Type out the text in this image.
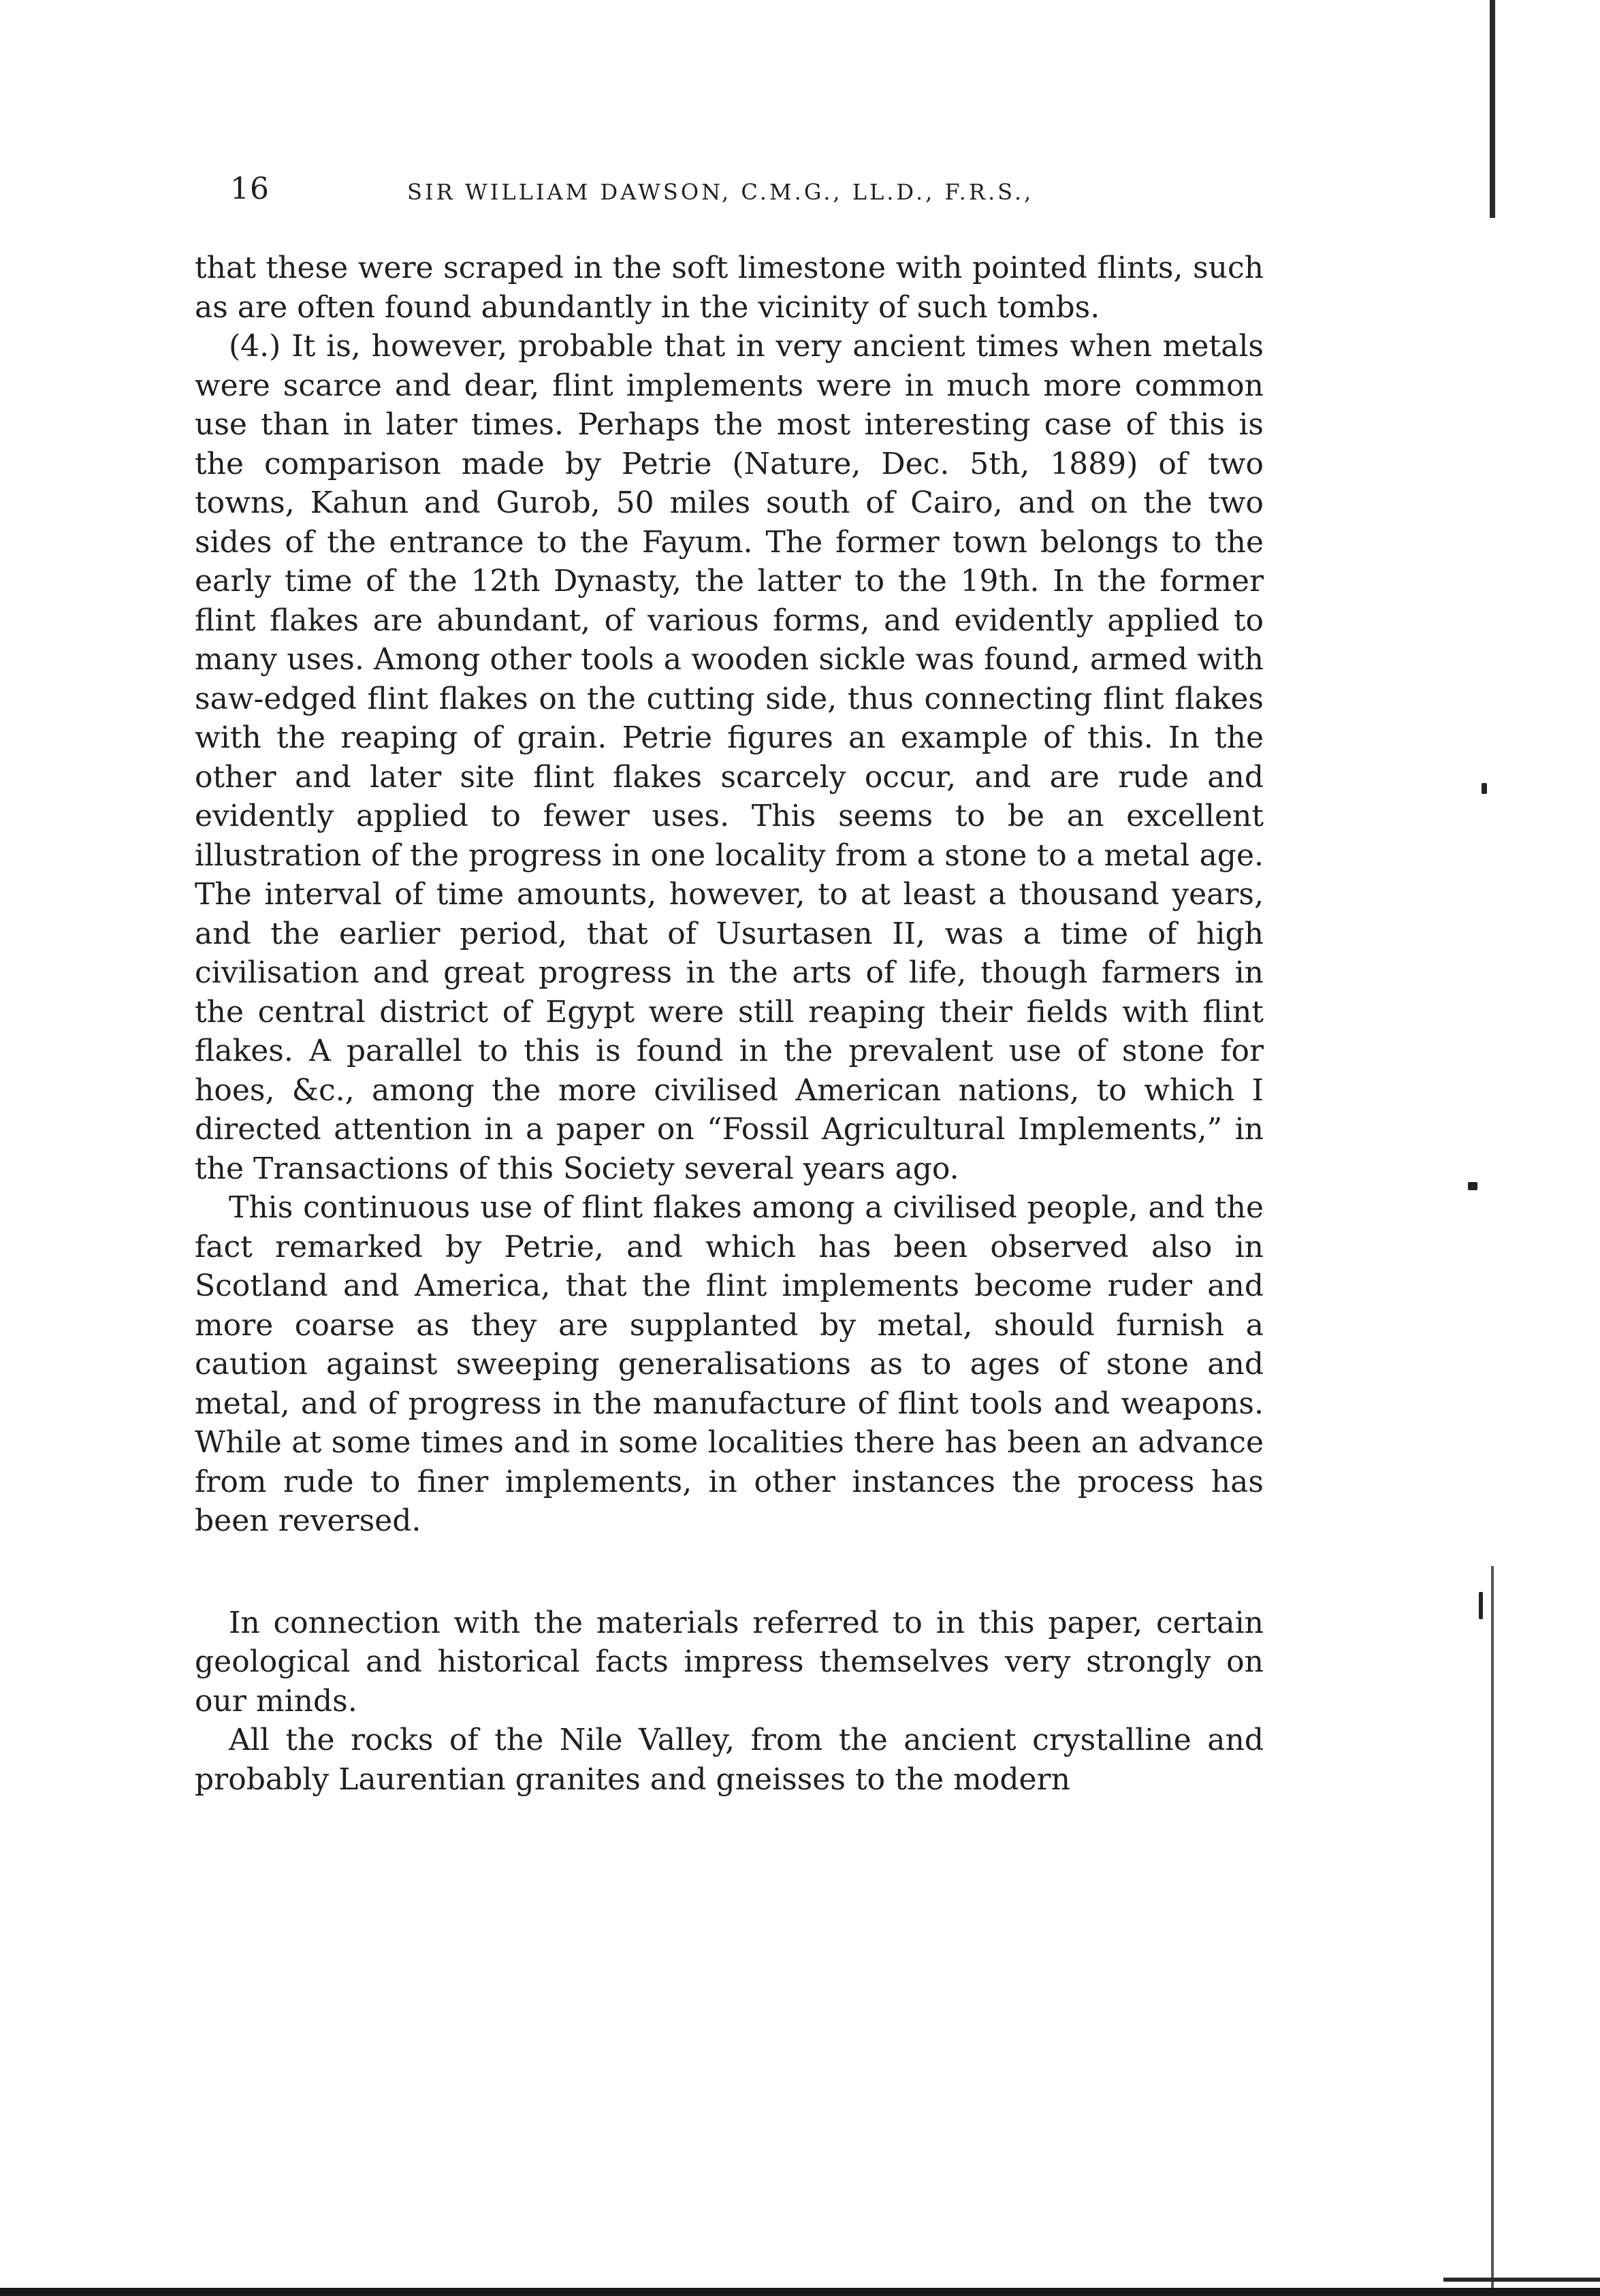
16	SIR WILLIAM DAWSON, C.M.G., LL.D., F.R.S.,

that these were scraped in the soft limestone with pointed flints, such as are often found abundantly in the vicinity of such tombs.

(4.) It is, however, probable that in very ancient times when metals were scarce and dear, flint implements were in much more common use than in later times. Perhaps the most interesting case of this is the comparison made by Petrie (Nature, Dec. 5th, 1889) of two towns, Kahun and Gurob, 50 miles south of Cairo, and on the two sides of the entrance to the Fayum. The former town belongs to the early time of the 12th Dynasty, the latter to the 19th. In the former flint flakes are abundant, of various forms, and evidently applied to many uses. Among other tools a wooden sickle was found, armed with saw-edged flint flakes on the cutting side, thus connecting flint flakes with the reaping of grain. Petrie figures an example of this. In the other and later site flint flakes scarcely occur, and are rude and evidently applied to fewer uses. This seems to be an excellent illustration of the progress in one locality from a stone to a metal age. The interval of time amounts, however, to at least a thousand years, and the earlier period, that of Usurtasen II, was a time of high civilisation and great progress in the arts of life, though farmers in the central district of Egypt were still reaping their fields with flint flakes. A parallel to this is found in the prevalent use of stone for hoes, &c., among the more civilised American nations, to which I directed attention in a paper on “Fossil Agricultural Implements,” in the Transactions of this Society several years ago.

This continuous use of flint flakes among a civilised people, and the fact remarked by Petrie, and which has been observed also in Scotland and America, that the flint implements become ruder and more coarse as they are supplanted by metal, should furnish a caution against sweeping generalisations as to ages of stone and metal, and of progress in the manufacture of flint tools and weapons. While at some times and in some localities there has been an advance from rude to finer implements, in other instances the process has been reversed.

In connection with the materials referred to in this paper, certain geological and historical facts impress themselves very strongly on our minds.

All the rocks of the Nile Valley, from the ancient crystalline and probably Laurentian granites and gneisses to the modern
